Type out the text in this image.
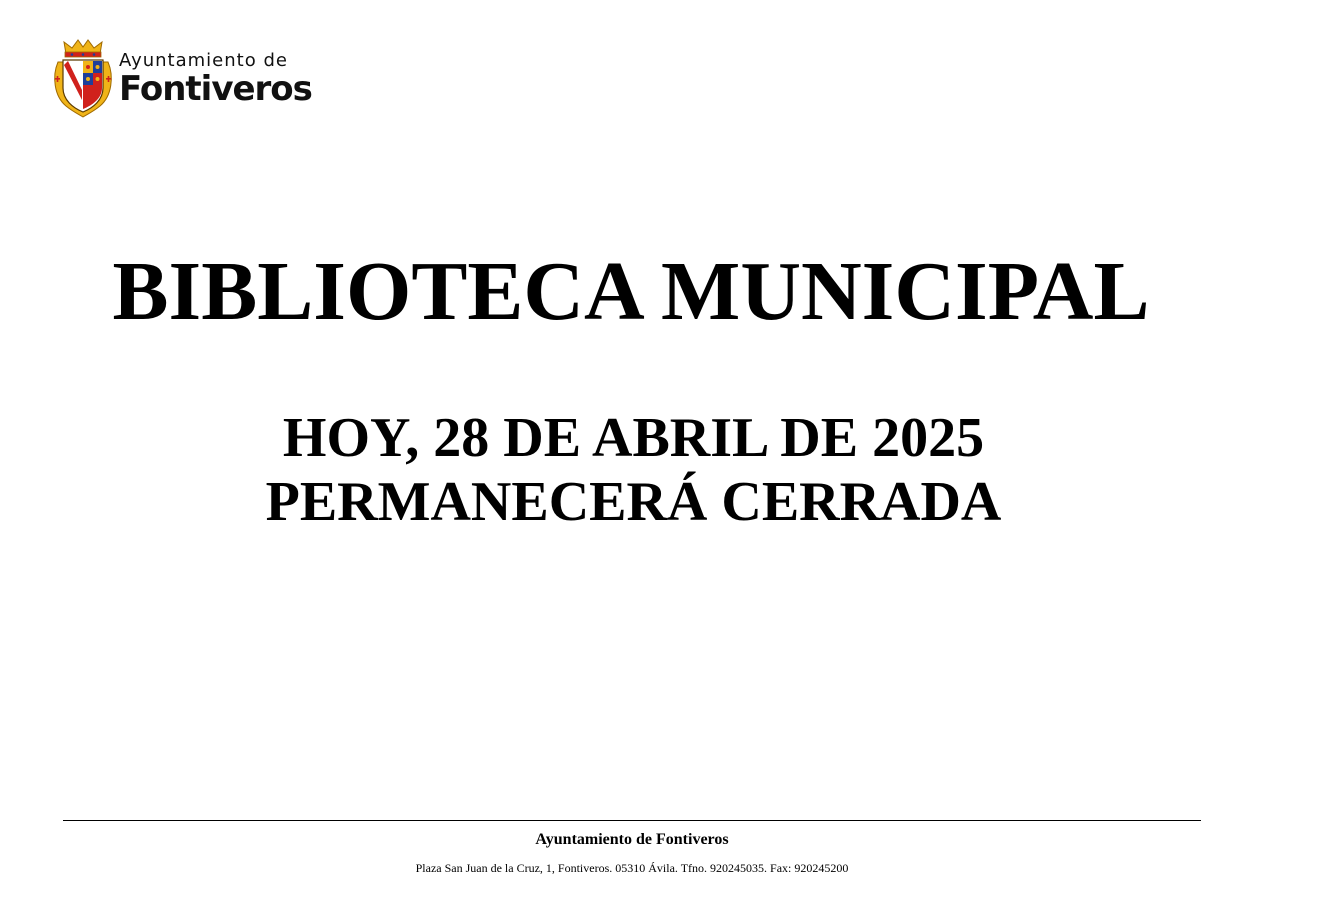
Ayuntamiento de
Fontiveros
BIBLIOTECA MUNICIPAL
HOY, 28 DE ABRIL DE 2025
PERMANECERÁ CERRADA
Ayuntamiento de Fontiveros
Plaza San Juan de la Cruz, 1, Fontiveros. 05310 Ávila. Tfno. 920245035. Fax: 920245200
